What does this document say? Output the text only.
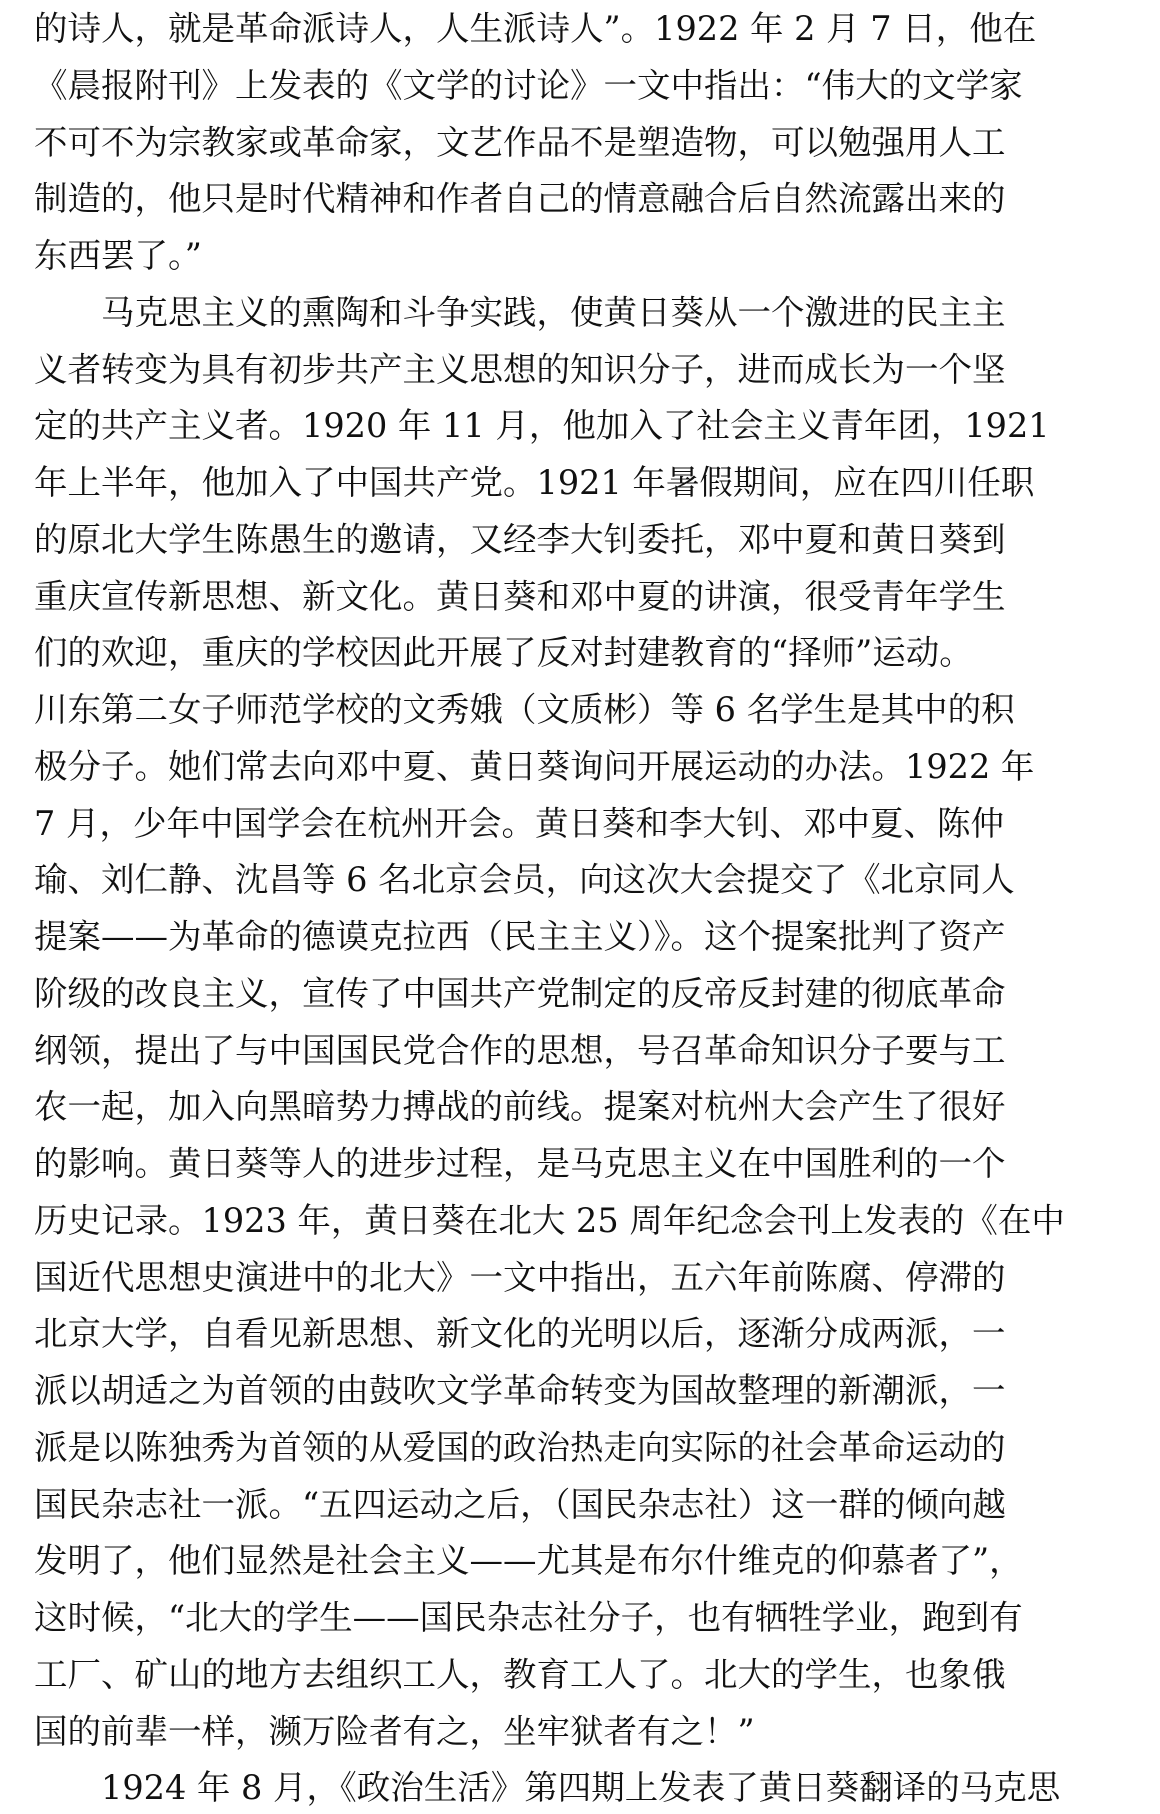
的诗人，就是革命派诗人，人生派诗人”。1922 年 2 月 7 日，他在
《晨报附刊》上发表的《文学的讨论》一文中指出：“伟大的文学家
不可不为宗教家或革命家，文艺作品不是塑造物，可以勉强用人工
制造的，他只是时代精神和作者自己的情意融合后自然流露出来的
东西罢了。”
马克思主义的熏陶和斗争实践，使黄日葵从一个激进的民主主
义者转变为具有初步共产主义思想的知识分子，进而成长为一个坚
定的共产主义者。1920 年 11 月，他加入了社会主义青年团，1921
年上半年，他加入了中国共产党。1921 年暑假期间，应在四川任职
的原北大学生陈愚生的邀请，又经李大钊委托，邓中夏和黄日葵到
重庆宣传新思想、新文化。黄日葵和邓中夏的讲演，很受青年学生
们的欢迎，重庆的学校因此开展了反对封建教育的“择师”运动。
川东第二女子师范学校的文秀娥（文质彬）等 6 名学生是其中的积
极分子。她们常去向邓中夏、黄日葵询问开展运动的办法。1922 年
7 月，少年中国学会在杭州开会。黄日葵和李大钊、邓中夏、陈仲
瑜、刘仁静、沈昌等 6 名北京会员，向这次大会提交了《北京同人
提案——为革命的德谟克拉西（民主主义）》。这个提案批判了资产
阶级的改良主义，宣传了中国共产党制定的反帝反封建的彻底革命
纲领，提出了与中国国民党合作的思想，号召革命知识分子要与工
农一起，加入向黑暗势力搏战的前线。提案对杭州大会产生了很好
的影响。黄日葵等人的进步过程，是马克思主义在中国胜利的一个
历史记录。1923 年，黄日葵在北大 25 周年纪念会刊上发表的《在中
国近代思想史演进中的北大》一文中指出，五六年前陈腐、停滞的
北京大学，自看见新思想、新文化的光明以后，逐渐分成两派，一
派以胡适之为首领的由鼓吹文学革命转变为国故整理的新潮派，一
派是以陈独秀为首领的从爱国的政治热走向实际的社会革命运动的
国民杂志社一派。“五四运动之后，（国民杂志社）这一群的倾向越
发明了，他们显然是社会主义——尤其是布尔什维克的仰慕者了”，
这时候，“北大的学生——国民杂志社分子，也有牺牲学业，跑到有
工厂、矿山的地方去组织工人，教育工人了。北大的学生，也象俄
国的前辈一样，濒万险者有之，坐牢狱者有之！”
1924 年 8 月，《政治生活》第四期上发表了黄日葵翻译的马克思
